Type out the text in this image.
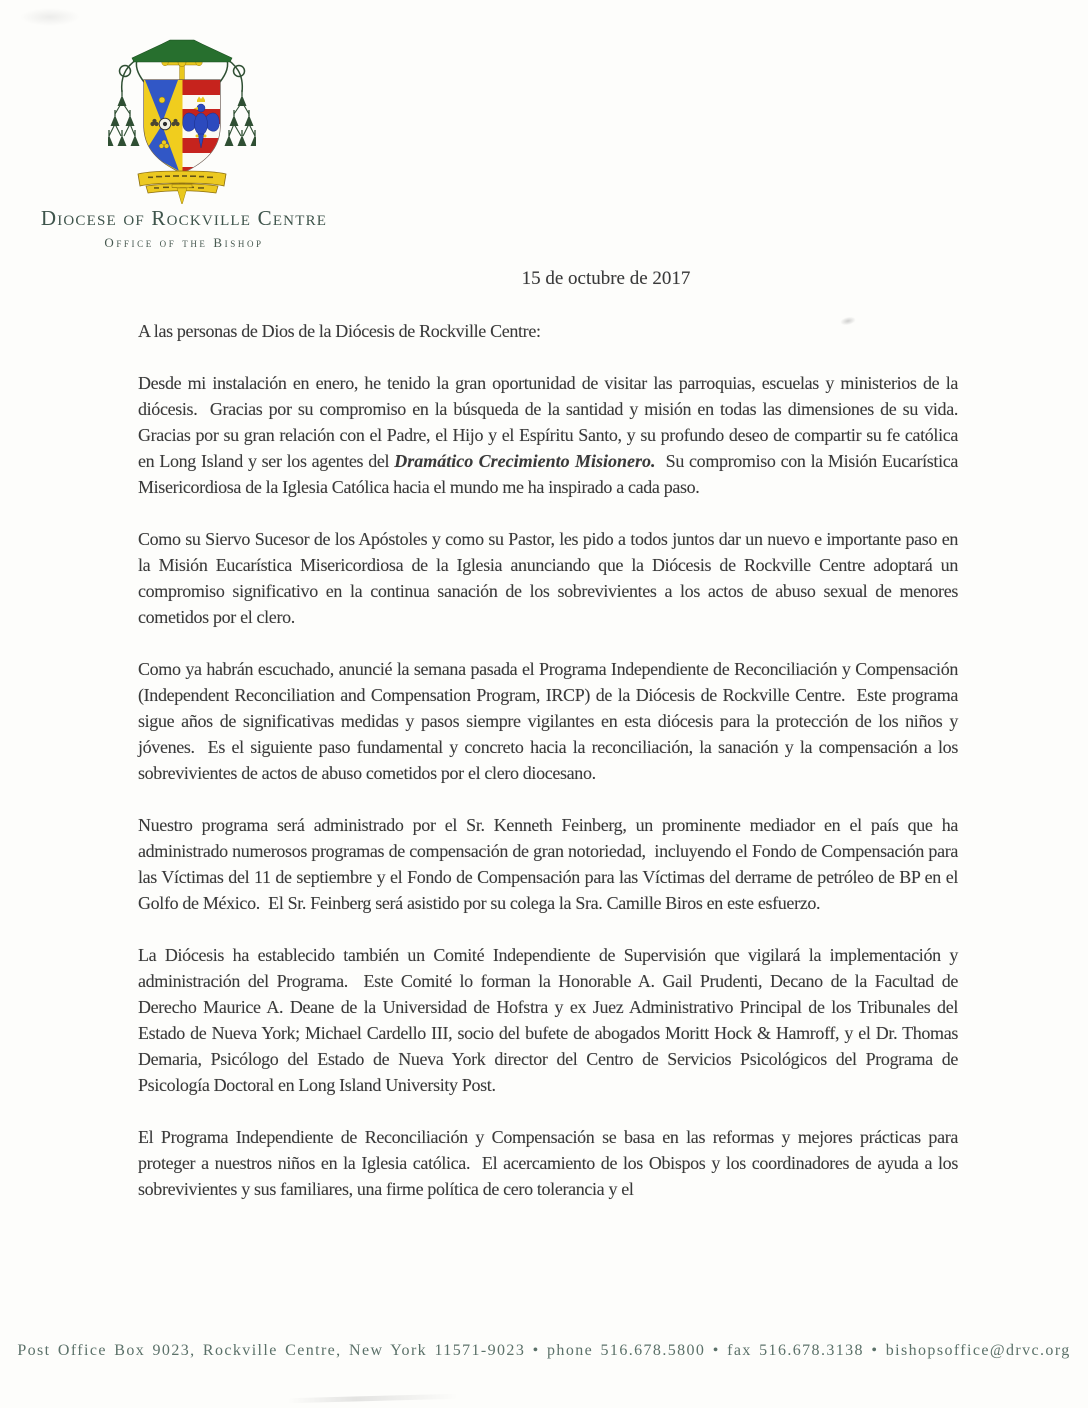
Diocese of Rockville Centre
Office of the Bishop
15 de octubre de 2017

A las personas de Dios de la Diócesis de Rockville Centre:

Desde mi instalación en enero, he tenido la gran oportunidad de visitar las parroquias, escuelas y ministerios de la diócesis.  Gracias por su compromiso en la búsqueda de la santidad y misión en todas las dimensiones de su vida.  Gracias por su gran relación con el Padre, el Hijo y el Espíritu Santo, y su profundo deseo de compartir su fe católica en Long Island y ser los agentes del Dramático Crecimiento Misionero.  Su compromiso con la Misión Eucarística Misericordiosa de la Iglesia Católica hacia el mundo me ha inspirado a cada paso.

Como su Siervo Sucesor de los Apóstoles y como su Pastor, les pido a todos juntos dar un nuevo e importante paso en la Misión Eucarística Misericordiosa de la Iglesia anunciando que la Diócesis de Rockville Centre adoptará un compromiso significativo en la continua sanación de los sobrevivientes a los actos de abuso sexual de menores cometidos por el clero.

Como ya habrán escuchado, anuncié la semana pasada el Programa Independiente de Reconciliación y Compensación (Independent Reconciliation and Compensation Program, IRCP) de la Diócesis de Rockville Centre.  Este programa sigue años de significativas medidas y pasos siempre vigilantes en esta diócesis para la protección de los niños y jóvenes.  Es el siguiente paso fundamental y concreto hacia la reconciliación, la sanación y la compensación a los sobrevivientes de actos de abuso cometidos por el clero diocesano.

Nuestro programa será administrado por el Sr. Kenneth Feinberg, un prominente mediador en el país que ha administrado numerosos programas de compensación de gran notoriedad,  incluyendo el Fondo de Compensación para las Víctimas del 11 de septiembre y el Fondo de Compensación para las Víctimas del derrame de petróleo de BP en el Golfo de México.  El Sr. Feinberg será asistido por su colega la Sra. Camille Biros en este esfuerzo.

La Diócesis ha establecido también un Comité Independiente de Supervisión que vigilará la implementación y administración del Programa.  Este Comité lo forman la Honorable A. Gail Prudenti, Decano de la Facultad de Derecho Maurice A. Deane de la Universidad de Hofstra y ex Juez Administrativo Principal de los Tribunales del Estado de Nueva York; Michael Cardello III, socio del bufete de abogados Moritt Hock & Hamroff, y el Dr. Thomas Demaria, Psicólogo del Estado de Nueva York director del Centro de Servicios Psicológicos del Programa de Psicología Doctoral en Long Island University Post.

El Programa Independiente de Reconciliación y Compensación se basa en las reformas y mejores prácticas para proteger a nuestros niños en la Iglesia católica.  El acercamiento de los Obispos y los coordinadores de ayuda a los sobrevivientes y sus familiares, una firme política de cero tolerancia y el

Post Office Box 9023, Rockville Centre, New York 11571-9023 • phone 516.678.5800 • fax 516.678.3138 • bishopsoffice@drvc.org
